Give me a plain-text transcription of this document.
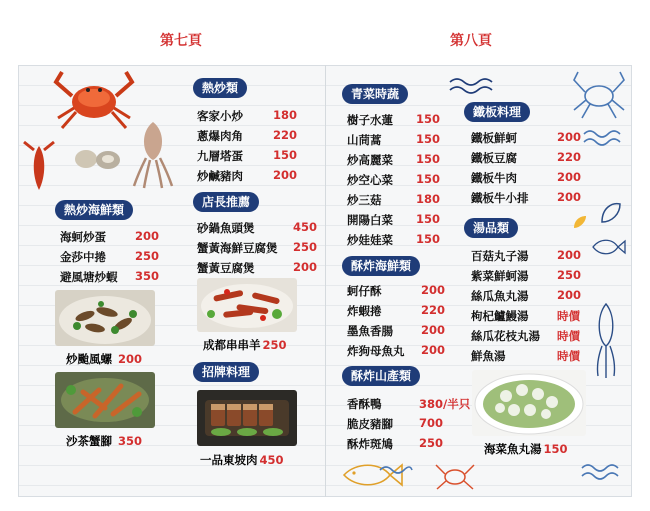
第七頁	第八頁
熱炒類
客家小炒	180
蔥爆肉角	220
九層塔蛋	150
炒鹹豬肉	200
熱炒海鮮類
海蚵炒蛋	200
金莎中捲	250
避風塘炒蝦 350
炒颱風螺 200
沙茶蟹腳 350
店長推薦
砂鍋魚頭煲	450
蟹黃海鮮豆腐煲 250
蟹黃豆腐煲	200
成都串串羊 250
招牌料理
一品東坡肉 450
青菜時蔬
樹子水蓮 150
山茼蒿	150
炒高麗菜 150
炒空心菜 150
炒三菇	180
開陽白菜 150
炒娃娃菜 150
酥炸海鮮類
蚵仔酥	200
炸蝦捲	220
墨魚香腸 200
炸狗母魚丸 200
酥炸山產類
香酥鴨	380/半只
脆皮豬腳 700
酥炸斑鳩 250
鐵板料理
鐵板鮮蚵	200
鐵板豆腐	220
鐵板牛肉	200
鐵板牛小排 200
湯品類
百菇丸子湯 200
紫菜鮮蚵湯 250
絲瓜魚丸湯 200
枸杞鱸鰻湯 時價
絲瓜花枝丸湯 時價
鮮魚湯	時價
海菜魚丸湯 150
